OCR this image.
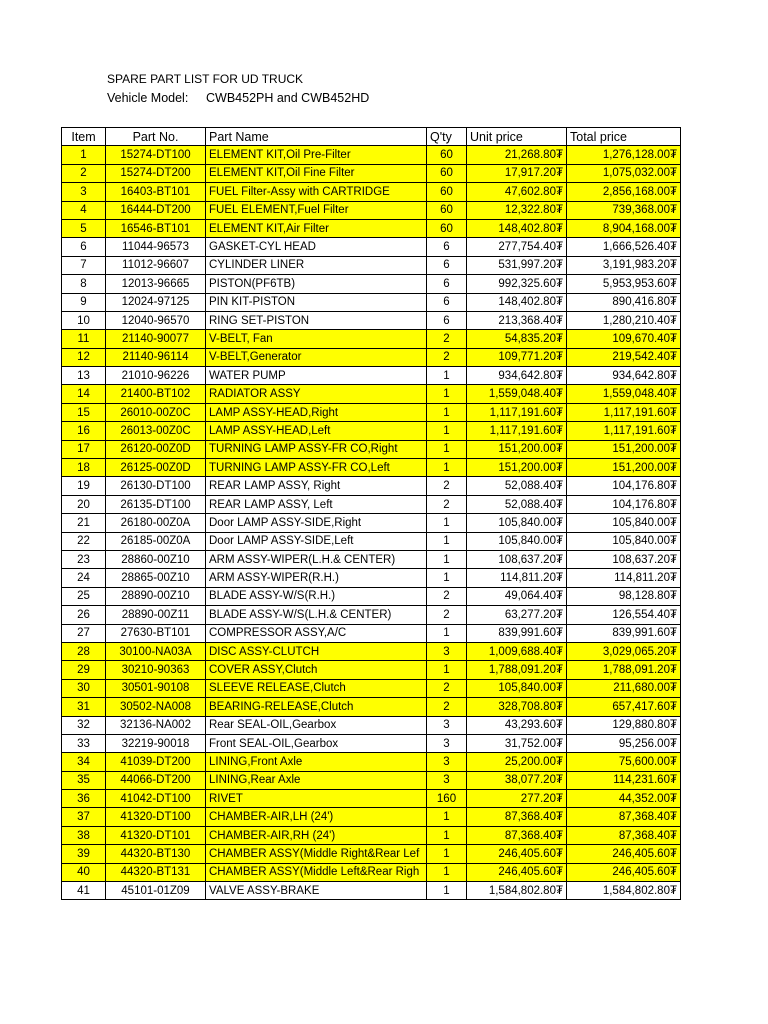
SPARE PART LIST FOR UD TRUCK
Vehicle Model: CWB452PH and CWB452HD
Item	Part No.	Part Name	Q'ty	Unit price	Total price
1	15274-DT100	ELEMENT KIT,Oil Pre-Filter	60	21,268.80₮	1,276,128.00₮
2	15274-DT200	ELEMENT KIT,Oil Fine Filter	60	17,917.20₮	1,075,032.00₮
3	16403-BT101	FUEL Filter-Assy with CARTRIDGE	60	47,602.80₮	2,856,168.00₮
4	16444-DT200	FUEL ELEMENT,Fuel Filter	60	12,322.80₮	739,368.00₮
5	16546-BT101	ELEMENT KIT,Air Filter	60	148,402.80₮	8,904,168.00₮
6	11044-96573	GASKET-CYL HEAD	6	277,754.40₮	1,666,526.40₮
7	11012-96607	CYLINDER LINER	6	531,997.20₮	3,191,983.20₮
8	12013-96665	PISTON(PF6TB)	6	992,325.60₮	5,953,953.60₮
9	12024-97125	PIN KIT-PISTON	6	148,402.80₮	890,416.80₮
10	12040-96570	RING SET-PISTON	6	213,368.40₮	1,280,210.40₮
11	21140-90077	V-BELT, Fan	2	54,835.20₮	109,670.40₮
12	21140-96114	V-BELT,Generator	2	109,771.20₮	219,542.40₮
13	21010-96226	WATER PUMP	1	934,642.80₮	934,642.80₮
14	21400-BT102	RADIATOR ASSY	1	1,559,048.40₮	1,559,048.40₮
15	26010-00Z0C	LAMP ASSY-HEAD,Right	1	1,117,191.60₮	1,117,191.60₮
16	26013-00Z0C	LAMP ASSY-HEAD,Left	1	1,117,191.60₮	1,117,191.60₮
17	26120-00Z0D	TURNING LAMP ASSY-FR CO,Right	1	151,200.00₮	151,200.00₮
18	26125-00Z0D	TURNING LAMP ASSY-FR CO,Left	1	151,200.00₮	151,200.00₮
19	26130-DT100	REAR LAMP ASSY, Right	2	52,088.40₮	104,176.80₮
20	26135-DT100	REAR LAMP ASSY, Left	2	52,088.40₮	104,176.80₮
21	26180-00Z0A	Door LAMP ASSY-SIDE,Right	1	105,840.00₮	105,840.00₮
22	26185-00Z0A	Door LAMP ASSY-SIDE,Left	1	105,840.00₮	105,840.00₮
23	28860-00Z10	ARM ASSY-WIPER(L.H.& CENTER)	1	108,637.20₮	108,637.20₮
24	28865-00Z10	ARM ASSY-WIPER(R.H.)	1	114,811.20₮	114,811.20₮
25	28890-00Z10	BLADE ASSY-W/S(R.H.)	2	49,064.40₮	98,128.80₮
26	28890-00Z11	BLADE ASSY-W/S(L.H.& CENTER)	2	63,277.20₮	126,554.40₮
27	27630-BT101	COMPRESSOR ASSY,A/C	1	839,991.60₮	839,991.60₮
28	30100-NA03A	DISC ASSY-CLUTCH	3	1,009,688.40₮	3,029,065.20₮
29	30210-90363	COVER ASSY,Clutch	1	1,788,091.20₮	1,788,091.20₮
30	30501-90108	SLEEVE RELEASE,Clutch	2	105,840.00₮	211,680.00₮
31	30502-NA008	BEARING-RELEASE,Clutch	2	328,708.80₮	657,417.60₮
32	32136-NA002	Rear SEAL-OIL,Gearbox	3	43,293.60₮	129,880.80₮
33	32219-90018	Front SEAL-OIL,Gearbox	3	31,752.00₮	95,256.00₮
34	41039-DT200	LINING,Front Axle	3	25,200.00₮	75,600.00₮
35	44066-DT200	LINING,Rear Axle	3	38,077.20₮	114,231.60₮
36	41042-DT100	RIVET	160	277.20₮	44,352.00₮
37	41320-DT100	CHAMBER-AIR,LH (24')	1	87,368.40₮	87,368.40₮
38	41320-DT101	CHAMBER-AIR,RH (24')	1	87,368.40₮	87,368.40₮
39	44320-BT130	CHAMBER ASSY(Middle Right&Rear Lef	1	246,405.60₮	246,405.60₮
40	44320-BT131	CHAMBER ASSY(Middle Left&Rear Righ	1	246,405.60₮	246,405.60₮
41	45101-01Z09	VALVE ASSY-BRAKE	1	1,584,802.80₮	1,584,802.80₮
